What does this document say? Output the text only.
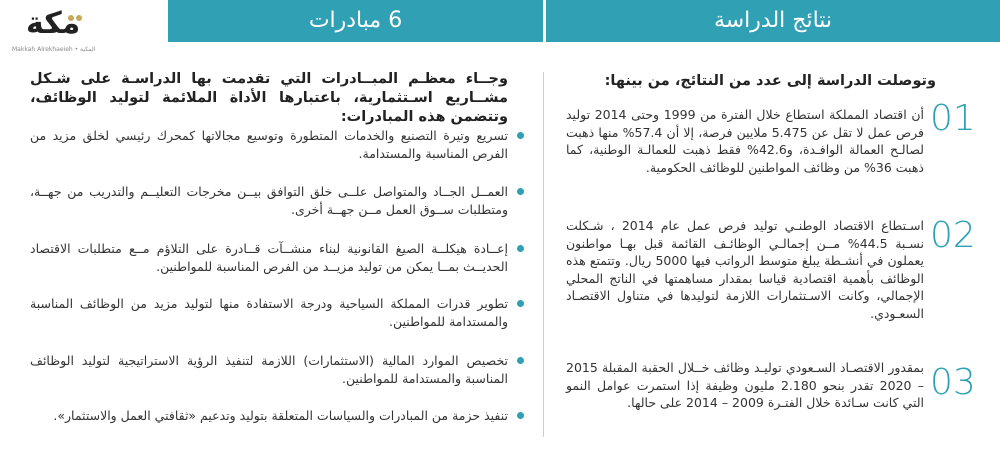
6 مبادرات	نتائج الدراسة
مكة
Makkah Alrekhaeieh • المكية
وجــاء معظـم المبــادرات التي تقدمت بها الدراسـة على شـكل مشــاريع اسـتثمارية، باعتبارها الأداة الملائمة لتوليد الوظائف، وتتضمن هذه المبادرات:
تسريع وتيرة التصنيع والخدمات المتطورة وتوسيع مجالاتها كمحرك رئيسي لخلق مزيد من الفرص المناسبة والمستدامة.
العمــل الجــاد والمتواصل علــى خلق التوافق بيــن مخرجات التعليــم والتدريب من جهــة، ومتطلبات ســوق العمل مــن جهــة أخرى.
إعــادة هيكلــة الصيغ القانونية لبناء منشــآت قــادرة على التلاؤم مــع متطلبات الاقتصاد الحديــث بمــا يمكن من توليد مزيــد من الفرص المناسبة للمواطنين.
تطوير قدرات المملكة السياحية ودرجة الاستفادة منها لتوليد مزيد من الوظائف المناسبة والمستدامة للمواطنين.
تخصيص الموارد المالية (الاستثمارات) اللازمة لتنفيذ الرؤية الاستراتيجية لتوليد الوظائف المناسبة والمستدامة للمواطنين.
تنفيذ حزمة من المبادرات والسياسات المتعلقة بتوليد وتدعيم «ثقافتي العمل والاستثمار».
وتوصلت الدراسة إلى عدد من النتائج، من بينها:
01
أن اقتصاد المملكة استطاع خلال الفترة من 1999 وحتى 2014 توليد فرص عمل لا تقل عن 5.475 ملايين فرصة، إلا أن 57.4% منها ذهبت لصالـح العمالة الوافـدة، و42.6% فقط ذهبت للعمالـة الوطنية، كما ذهبت 36% من وظائف المواطنين للوظائف الحكومية.
02
اسـتطاع الاقتصاد الوطنـي توليد فرص عمل عام 2014 ، شـكلت نسـبة 44.5% مــن إجمالـي الوظائـف القائمة قبل بهـا مواطنون يعملون في أنشـطة يبلغ متوسط الرواتب فيها 5000 ريال. وتتمتع هذه الوظائف بأهمية اقتصادية قياسا بمقدار مساهمتها في الناتج المحلي الإجمالي، وكانت الاسـتثمارات اللازمة لتوليدها في متناول الاقتصـاد السعـودي.
03
بمقدور الاقتصـاد السـعودي توليـد وظائف خــلال الحقبة المقبلة 2015 – 2020 تقدر بنحو 2.180 مليون وظيفة إذا استمرت عوامل النمو التي كانت سـائدة خلال الفتـرة 2009 – 2014 على حالها.
